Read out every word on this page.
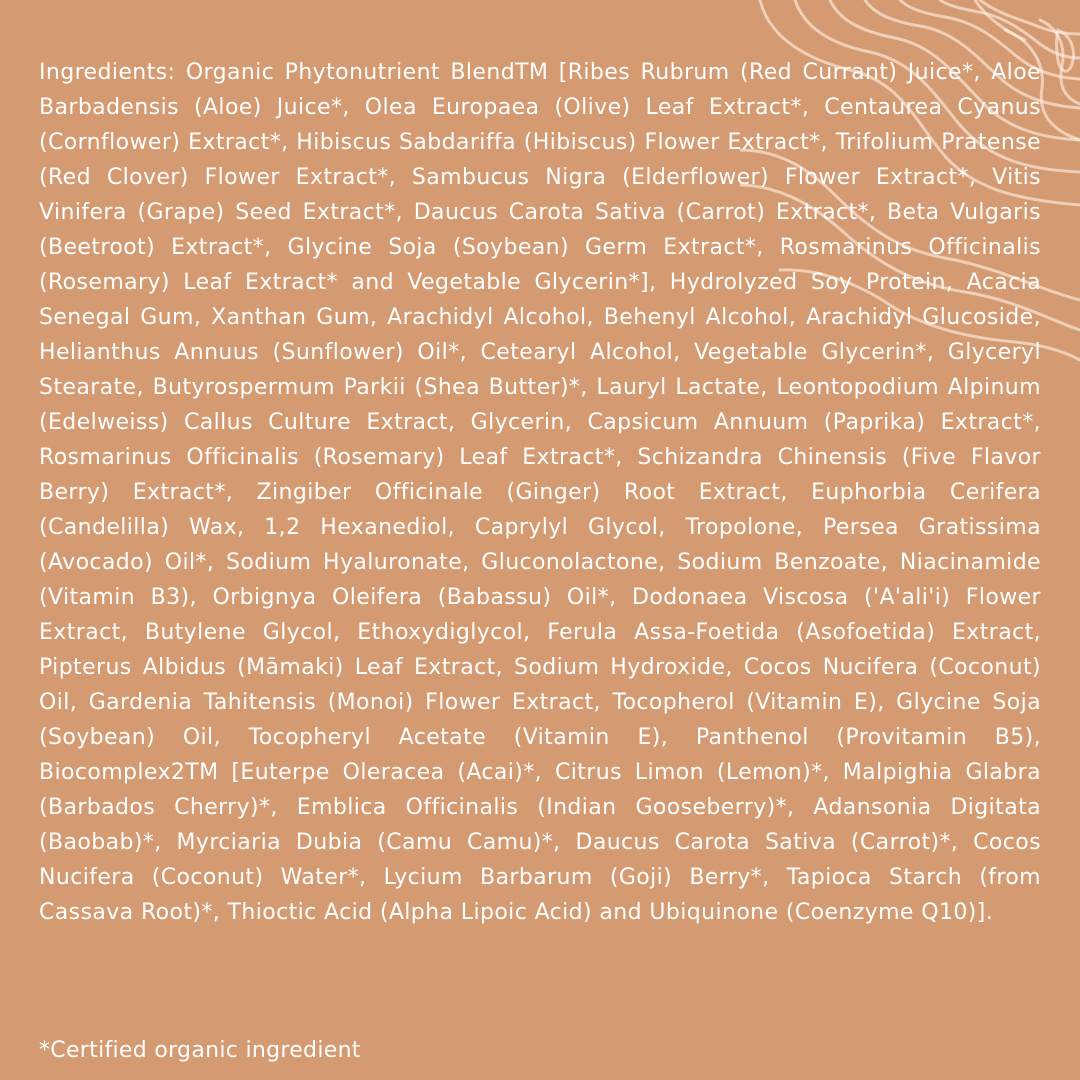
Ingredients: Organic Phytonutrient BlendTM [Ribes Rubrum (Red Currant) Juice*, Aloe Barbadensis (Aloe) Juice*, Olea Europaea (Olive) Leaf Extract*, Centaurea Cyanus (Cornflower) Extract*, Hibiscus Sabdariffa (Hibiscus) Flower Extract*, Trifolium Pratense (Red Clover) Flower Extract*, Sambucus Nigra (Elderflower) Flower Extract*, Vitis Vinifera (Grape) Seed Extract*, Daucus Carota Sativa (Carrot) Extract*, Beta Vulgaris (Beetroot) Extract*, Glycine Soja (Soybean) Germ Extract*, Rosmarinus Officinalis (Rosemary) Leaf Extract* and Vegetable Glycerin*], Hydrolyzed Soy Protein, Acacia Senegal Gum, Xanthan Gum, Arachidyl Alcohol, Behenyl Alcohol, Arachidyl Glucoside, Helianthus Annuus (Sunflower) Oil*, Cetearyl Alcohol, Vegetable Glycerin*, Glyceryl Stearate, Butyrospermum Parkii (Shea Butter)*, Lauryl Lactate, Leontopodium Alpinum (Edelweiss) Callus Culture Extract, Glycerin, Capsicum Annuum (Paprika) Extract*, Rosmarinus Officinalis (Rosemary) Leaf Extract*, Schizandra Chinensis (Five Flavor Berry) Extract*, Zingiber Officinale (Ginger) Root Extract, Euphorbia Cerifera (Candelilla) Wax, 1,2 Hexanediol, Caprylyl Glycol, Tropolone, Persea Gratissima (Avocado) Oil*, Sodium Hyaluronate, Gluconolactone, Sodium Benzoate, Niacinamide (Vitamin B3), Orbignya Oleifera (Babassu) Oil*, Dodonaea Viscosa ('A'ali'i) Flower Extract, Butylene Glycol, Ethoxydiglycol, Ferula Assa-Foetida (Asofoetida) Extract, Pipterus Albidus (Māmaki) Leaf Extract, Sodium Hydroxide, Cocos Nucifera (Coconut) Oil, Gardenia Tahitensis (Monoi) Flower Extract, Tocopherol (Vitamin E), Glycine Soja (Soybean) Oil, Tocopheryl Acetate (Vitamin E), Panthenol (Provitamin B5), Biocomplex2TM [Euterpe Oleracea (Acai)*, Citrus Limon (Lemon)*, Malpighia Glabra (Barbados Cherry)*, Emblica Officinalis (Indian Gooseberry)*, Adansonia Digitata (Baobab)*, Myrciaria Dubia (Camu Camu)*, Daucus Carota Sativa (Carrot)*, Cocos Nucifera (Coconut) Water*, Lycium Barbarum (Goji) Berry*, Tapioca Starch (from Cassava Root)*, Thioctic Acid (Alpha Lipoic Acid) and Ubiquinone (Coenzyme Q10)].

*Certified organic ingredient
